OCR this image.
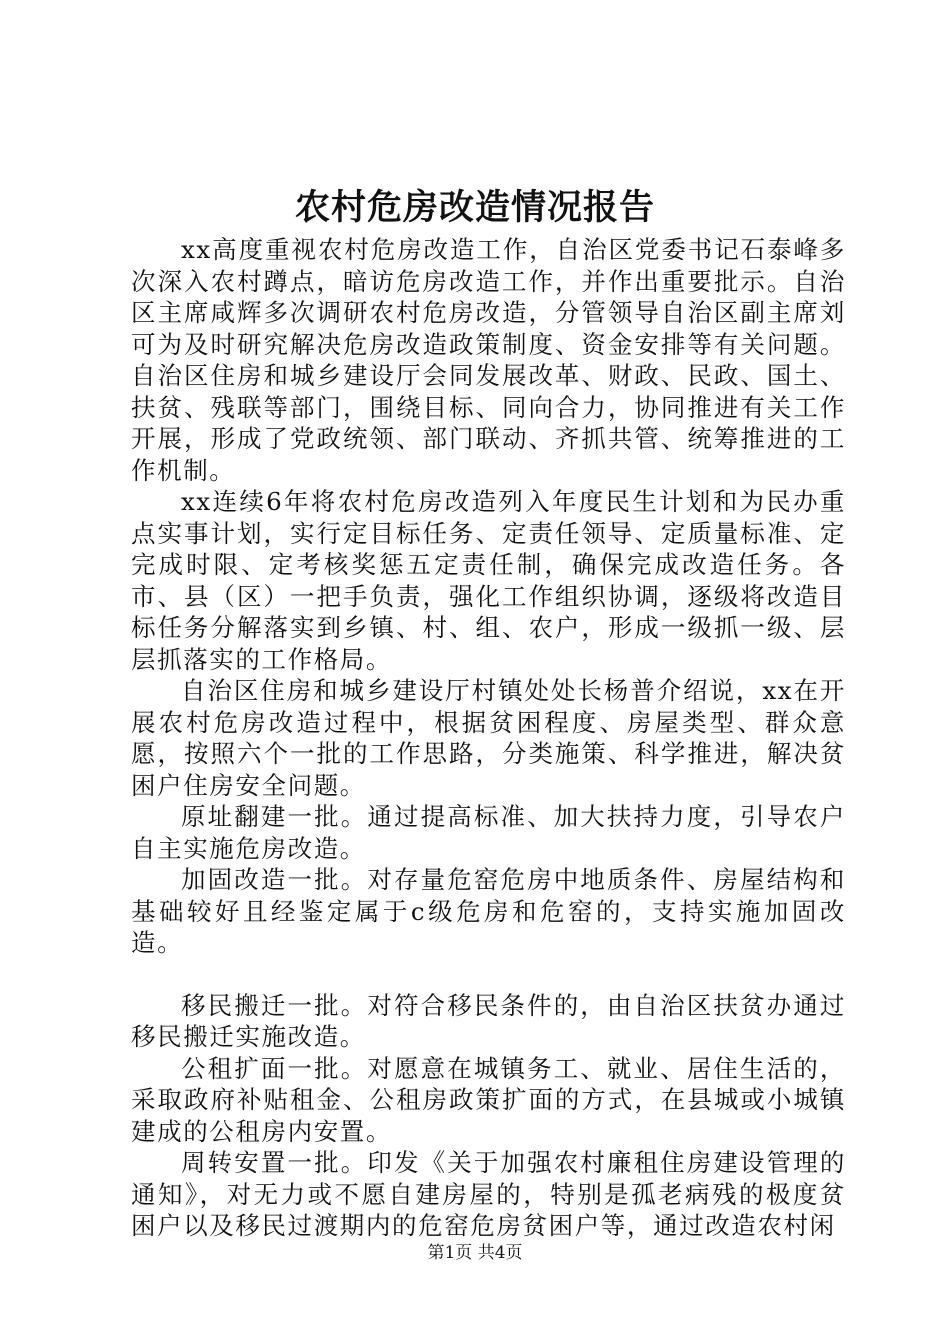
农村危房改造情况报告

xx高度重视农村危房改造工作，自治区党委书记石泰峰多次深入农村蹲点，暗访危房改造工作，并作出重要批示。自治区主席咸辉多次调研农村危房改造，分管领导自治区副主席刘可为及时研究解决危房改造政策制度、资金安排等有关问题。自治区住房和城乡建设厅会同发展改革、财政、民政、国土、扶贫、残联等部门，围绕目标、同向合力，协同推进有关工作开展，形成了党政统领、部门联动、齐抓共管、统筹推进的工作机制。

xx连续6年将农村危房改造列入年度民生计划和为民办重点实事计划，实行定目标任务、定责任领导、定质量标准、定完成时限、定考核奖惩五定责任制，确保完成改造任务。各市、县（区）一把手负责，强化工作组织协调，逐级将改造目标任务分解落实到乡镇、村、组、农户，形成一级抓一级、层层抓落实的工作格局。

自治区住房和城乡建设厅村镇处处长杨普介绍说，xx在开展农村危房改造过程中，根据贫困程度、房屋类型、群众意愿，按照六个一批的工作思路，分类施策、科学推进，解决贫困户住房安全问题。

原址翻建一批。通过提高标准、加大扶持力度，引导农户自主实施危房改造。

加固改造一批。对存量危窑危房中地质条件、房屋结构和基础较好且经鉴定属于c级危房和危窑的，支持实施加固改造。

移民搬迁一批。对符合移民条件的，由自治区扶贫办通过移民搬迁实施改造。

公租扩面一批。对愿意在城镇务工、就业、居住生活的，采取政府补贴租金、公租房政策扩面的方式，在县城或小城镇建成的公租房内安置。

周转安置一批。印发《关于加强农村廉租住房建设管理的通知》，对无力或不愿自建房屋的，特别是孤老病残的极度贫困户以及移民过渡期内的危窑危房贫困户等，通过改造农村闲

第1页 共4页
